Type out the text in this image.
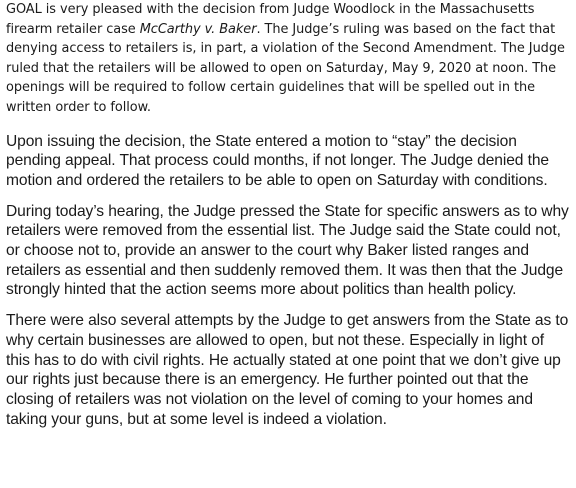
GOAL is very pleased with the decision from Judge Woodlock in the Massachusetts firearm retailer case McCarthy v. Baker. The Judge’s ruling was based on the fact that denying access to retailers is, in part, a violation of the Second Amendment. The Judge ruled that the retailers will be allowed to open on Saturday, May 9, 2020 at noon. The openings will be required to follow certain guidelines that will be spelled out in the written order to follow.

Upon issuing the decision, the State entered a motion to “stay” the decision pending appeal. That process could months, if not longer. The Judge denied the motion and ordered the retailers to be able to open on Saturday with conditions.

During today’s hearing, the Judge pressed the State for specific answers as to why retailers were removed from the essential list. The Judge said the State could not, or choose not to, provide an answer to the court why Baker listed ranges and retailers as essential and then suddenly removed them. It was then that the Judge strongly hinted that the action seems more about politics than health policy.

There were also several attempts by the Judge to get answers from the State as to why certain businesses are allowed to open, but not these. Especially in light of this has to do with civil rights. He actually stated at one point that we don’t give up our rights just because there is an emergency. He further pointed out that the closing of retailers was not violation on the level of coming to your homes and taking your guns, but at some level is indeed a violation.
